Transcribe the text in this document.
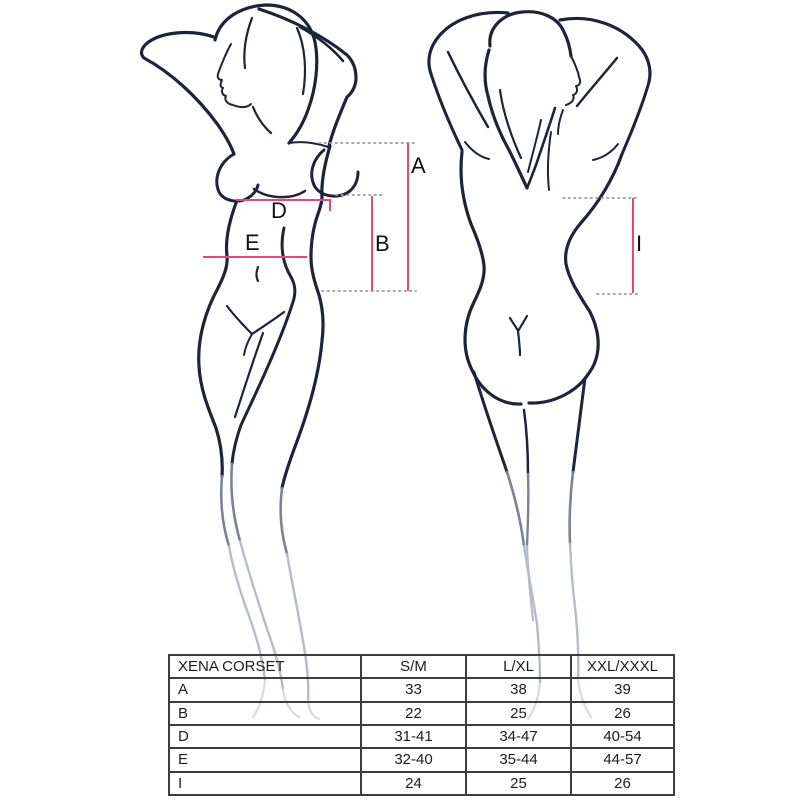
A
B
D
E	I
XENA CORSET	S/M	L/XL	XXL/XXXL
A	33	38	39
B	22	25	26
D	31-41	34-47	40-54
E	32-40	35-44	44-57
I	24	25	26
